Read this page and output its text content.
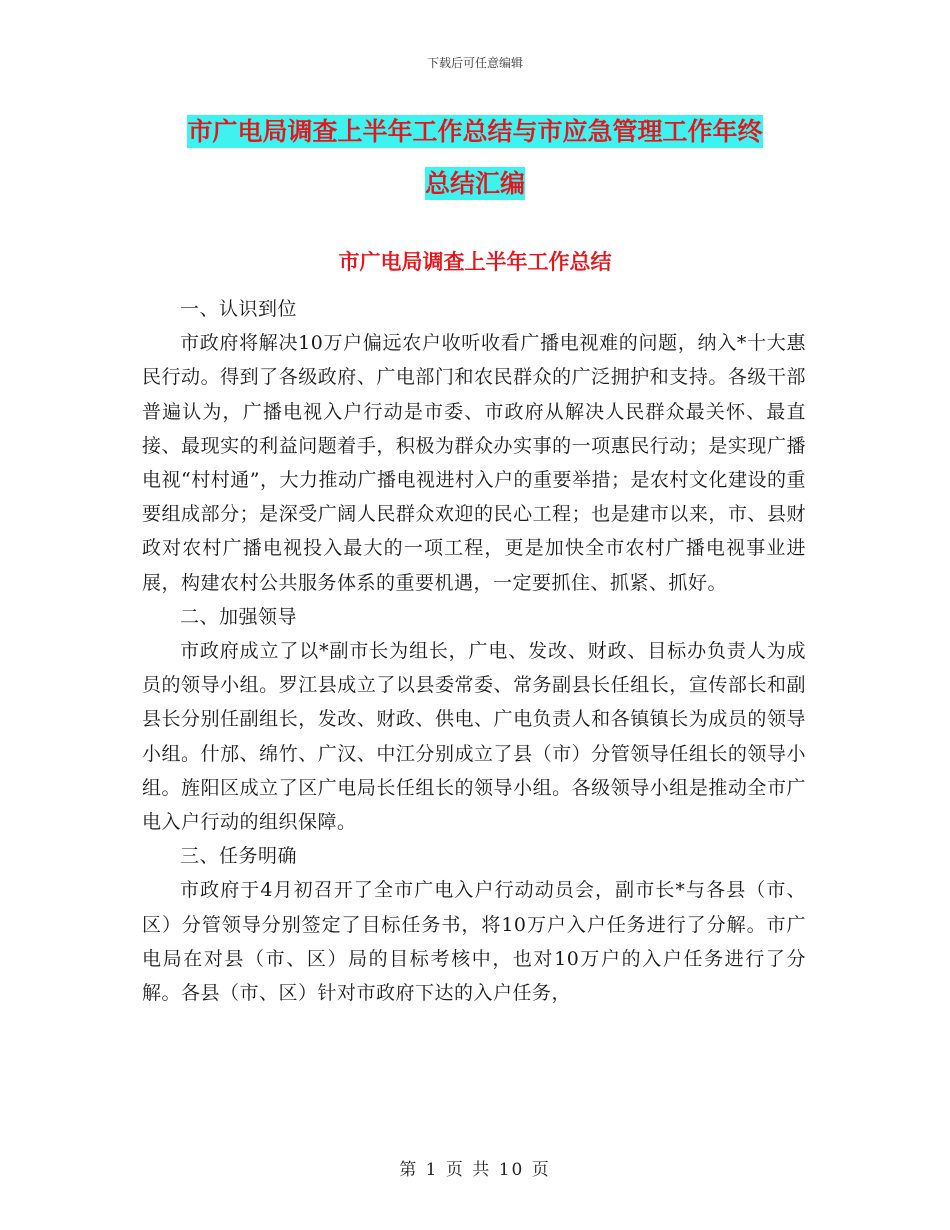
下载后可任意编辑
市广电局调查上半年工作总结与市应急管理工作年终
总结汇编
市广电局调查上半年工作总结

一、认识到位

市政府将解决10万户偏远农户收听收看广播电视难的问题，纳入*十大惠民行动。得到了各级政府、广电部门和农民群众的广泛拥护和支持。各级干部普遍认为，广播电视入户行动是市委、市政府从解决人民群众最关怀、最直接、最现实的利益问题着手，积极为群众办实事的一项惠民行动；是实现广播电视“村村通”，大力推动广播电视进村入户的重要举措；是农村文化建设的重要组成部分；是深受广阔人民群众欢迎的民心工程；也是建市以来，市、县财政对农村广播电视投入最大的一项工程，更是加快全市农村广播电视事业进展，构建农村公共服务体系的重要机遇，一定要抓住、抓紧、抓好。

二、加强领导

市政府成立了以*副市长为组长，广电、发改、财政、目标办负责人为成员的领导小组。罗江县成立了以县委常委、常务副县长任组长，宣传部长和副县长分别任副组长，发改、财政、供电、广电负责人和各镇镇长为成员的领导小组。什邡、绵竹、广汉、中江分别成立了县（市）分管领导任组长的领导小组。旌阳区成立了区广电局长任组长的领导小组。各级领导小组是推动全市广电入户行动的组织保障。

三、任务明确

市政府于4月初召开了全市广电入户行动动员会，副市长*与各县（市、区）分管领导分别签定了目标任务书，将10万户入户任务进行了分解。市广电局在对县（市、区）局的目标考核中，也对10万户的入户任务进行了分解。各县（市、区）针对市政府下达的入户任务，

第 1 页 共 10 页
